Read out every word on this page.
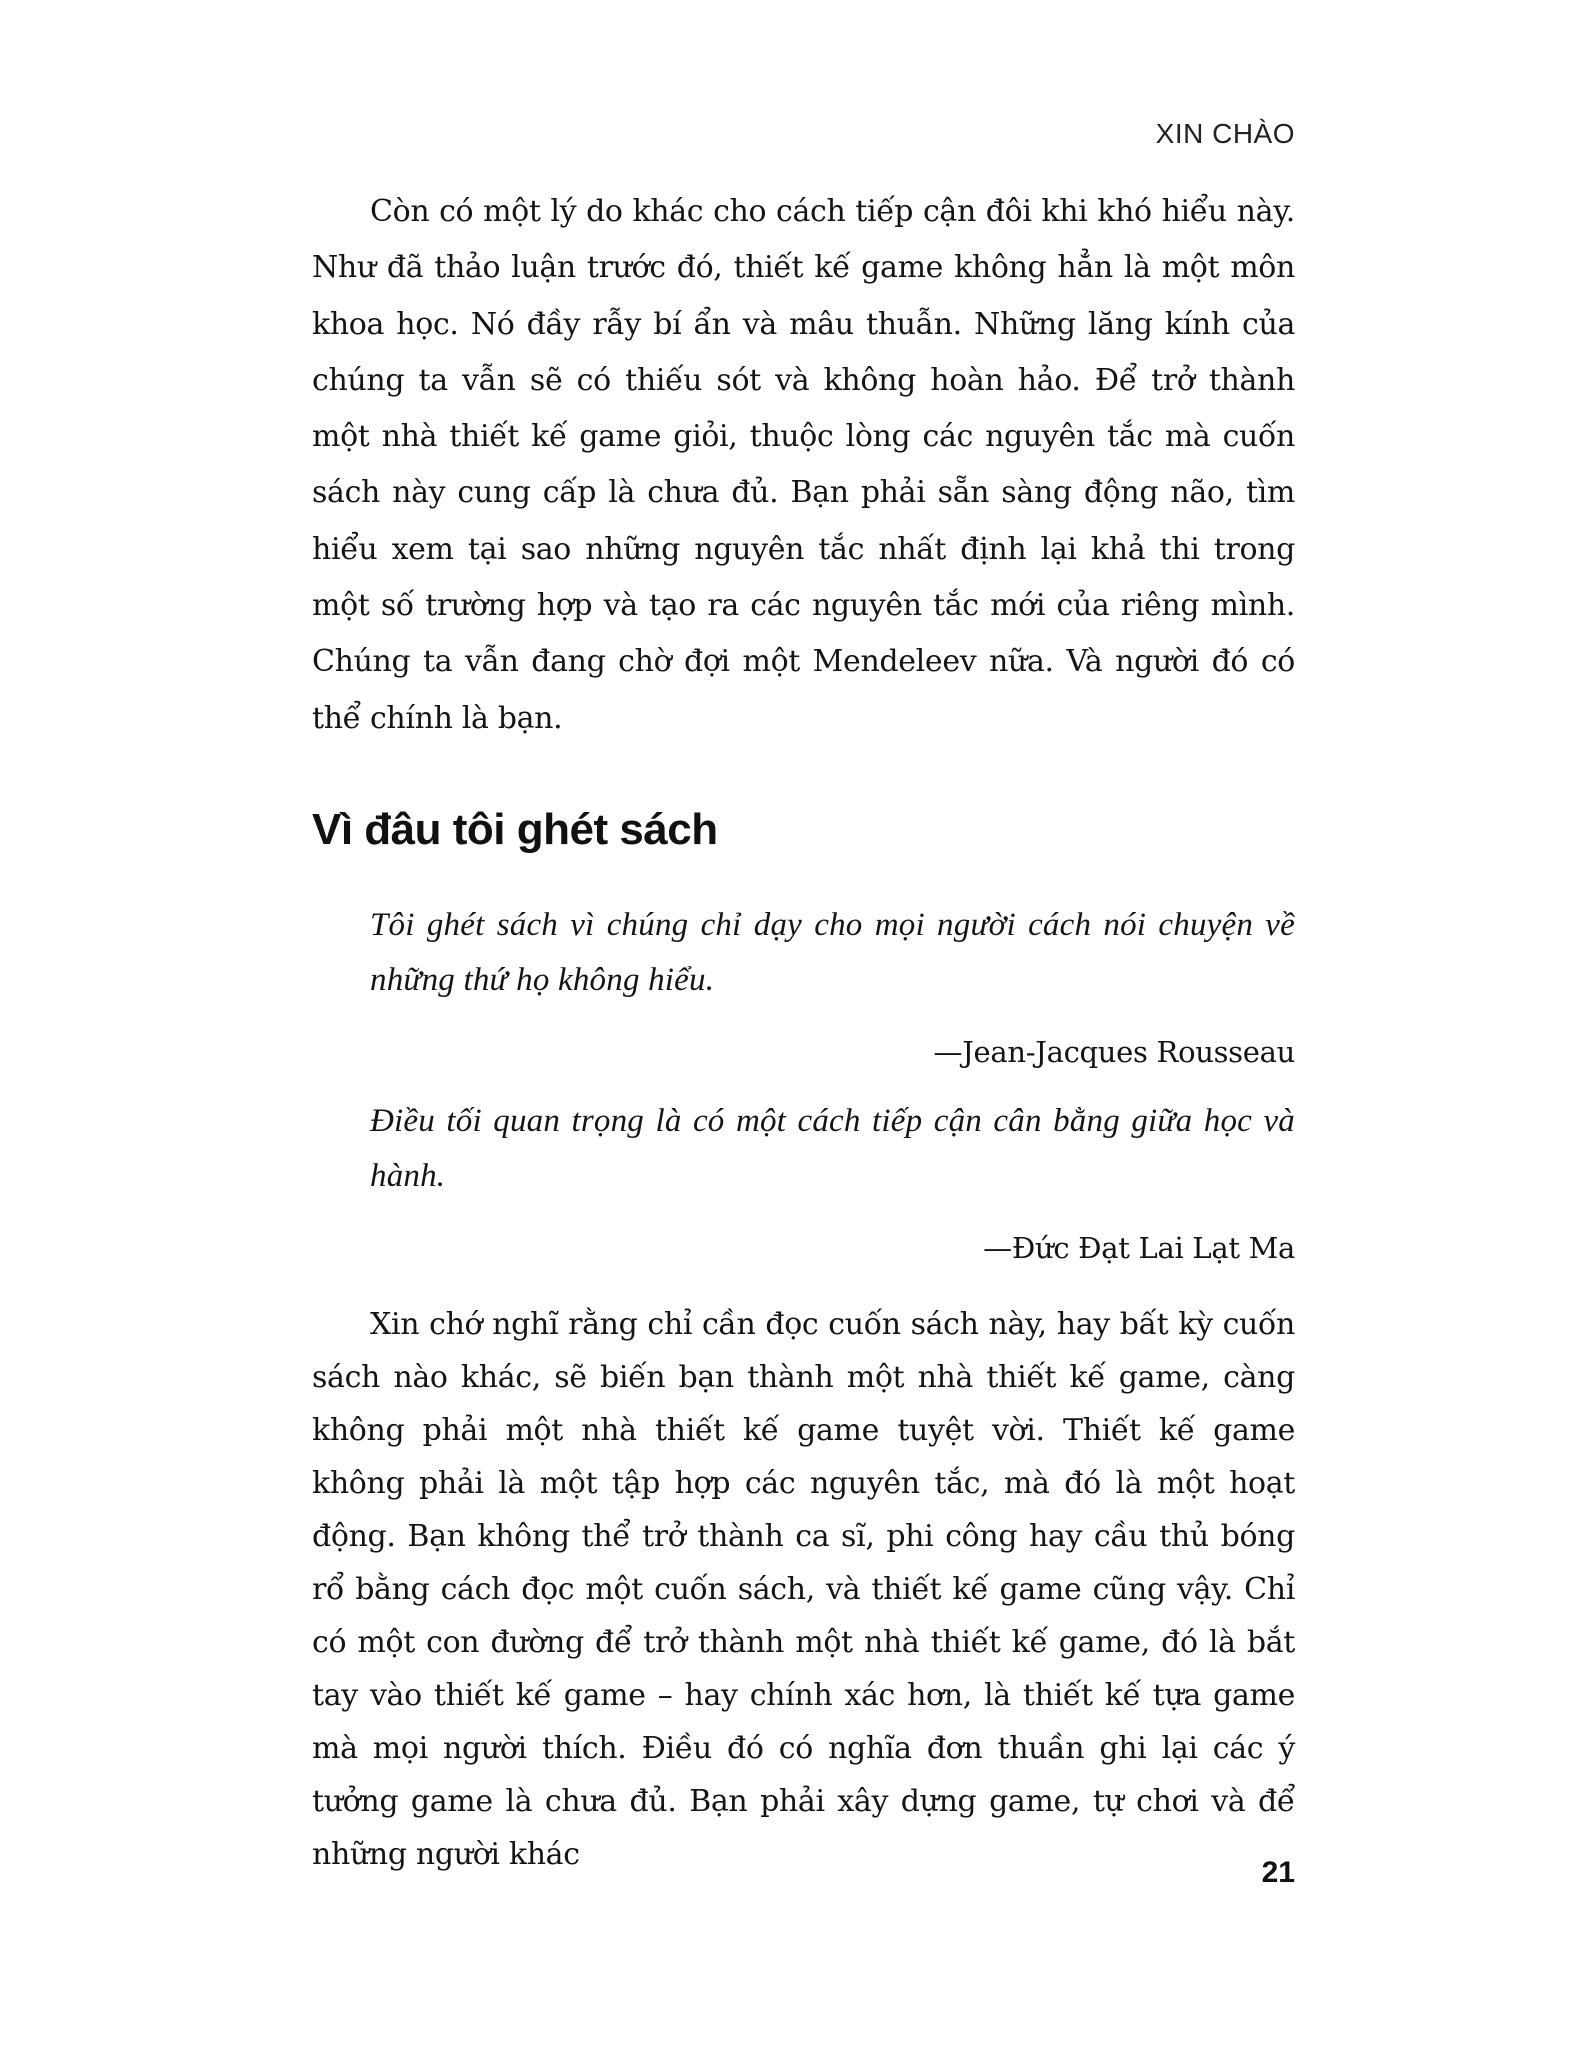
XIN CHÀO

Còn có một lý do khác cho cách tiếp cận đôi khi khó hiểu này. Như đã thảo luận trước đó, thiết kế game không hẳn là một môn khoa học. Nó đầy rẫy bí ẩn và mâu thuẫn. Những lăng kính của chúng ta vẫn sẽ có thiếu sót và không hoàn hảo. Để trở thành một nhà thiết kế game giỏi, thuộc lòng các nguyên tắc mà cuốn sách này cung cấp là chưa đủ. Bạn phải sẵn sàng động não, tìm hiểu xem tại sao những nguyên tắc nhất định lại khả thi trong một số trường hợp và tạo ra các nguyên tắc mới của riêng mình. Chúng ta vẫn đang chờ đợi một Mendeleev nữa. Và người đó có thể chính là bạn.

Vì đâu tôi ghét sách
Tôi ghét sách vì chúng chỉ dạy cho mọi người cách nói chuyện về những thứ họ không hiểu.
—Jean-Jacques Rousseau
Điều tối quan trọng là có một cách tiếp cận cân bằng giữa học và hành.
—Đức Đạt Lai Lạt Ma

Xin chớ nghĩ rằng chỉ cần đọc cuốn sách này, hay bất kỳ cuốn sách nào khác, sẽ biến bạn thành một nhà thiết kế game, càng không phải một nhà thiết kế game tuyệt vời. Thiết kế game không phải là một tập hợp các nguyên tắc, mà đó là một hoạt động. Bạn không thể trở thành ca sĩ, phi công hay cầu thủ bóng rổ bằng cách đọc một cuốn sách, và thiết kế game cũng vậy. Chỉ có một con đường để trở thành một nhà thiết kế game, đó là bắt tay vào thiết kế game – hay chính xác hơn, là thiết kế tựa game mà mọi người thích. Điều đó có nghĩa đơn thuần ghi lại các ý tưởng game là chưa đủ. Bạn phải xây dựng game, tự chơi và để những người khác

21
